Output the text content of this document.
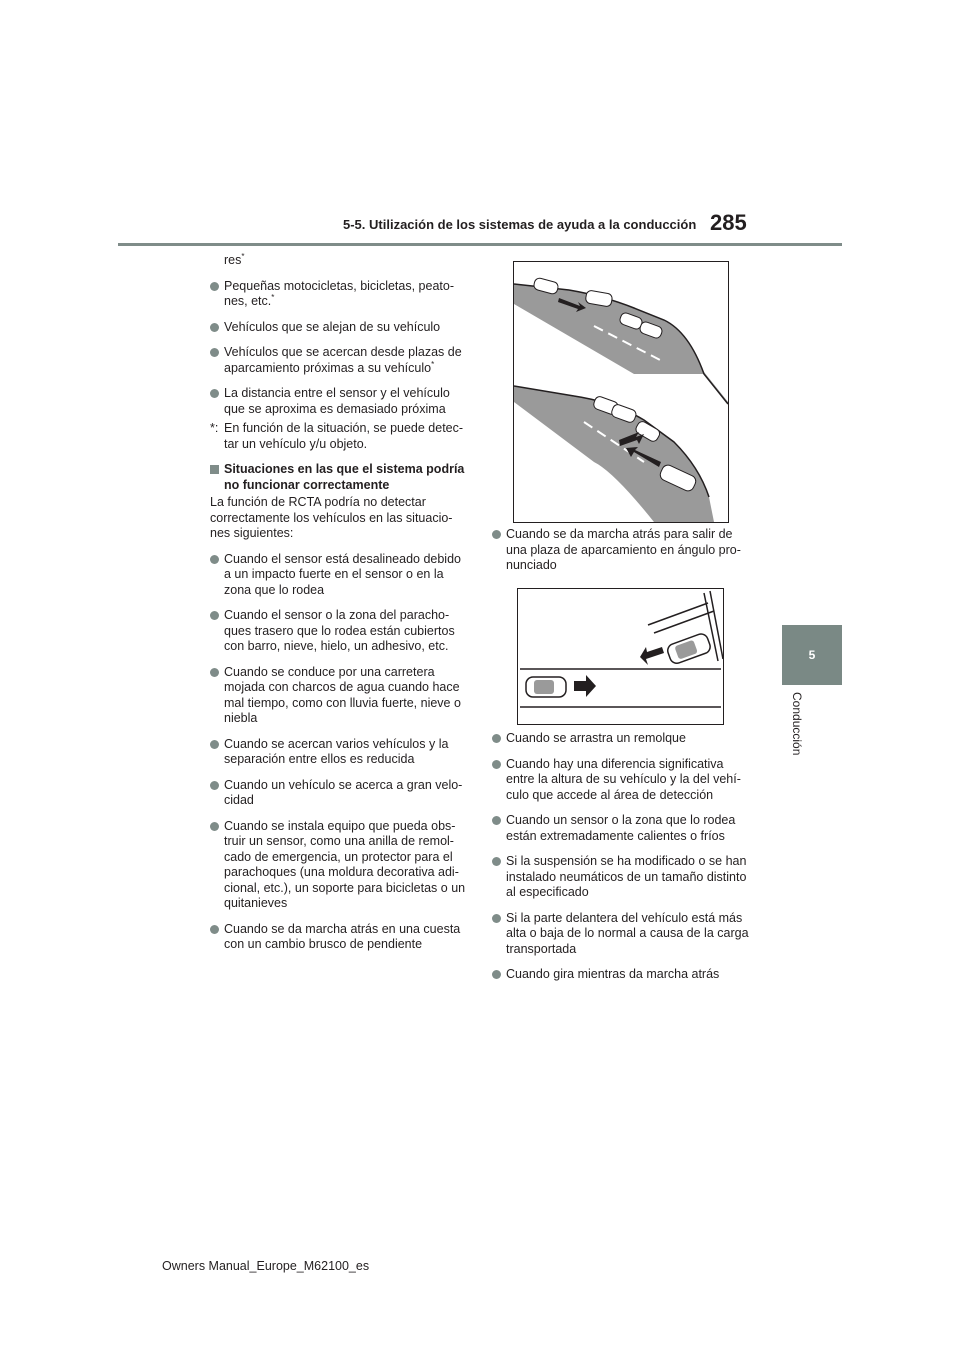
5-5. Utilización de los sistemas de ayuda a la conducción 285
5
Conducción
res*
Pequeñas motocicletas, bicicletas, peato-
nes, etc.*
Vehículos que se alejan de su vehículo
Vehículos que se acercan desde plazas de
aparcamiento próximas a su vehículo*
La distancia entre el sensor y el vehículo que se aproxima es demasiado próxima
*: En función de la situación, se puede detec-
tar un vehículo y/u objeto.
Situaciones en las que el sistema podría no funcionar correctamente
La función de RCTA podría no detectar correctamente los vehículos en las situacio-nes siguientes:
Cuando el sensor está desalineado debido a un impacto fuerte en el sensor o en la zona que lo rodea
Cuando el sensor o la zona del paracho-ques trasero que lo rodea están cubiertos con barro, nieve, hielo, un adhesivo, etc.
Cuando se conduce por una carretera mojada con charcos de agua cuando hace mal tiempo, como con lluvia fuerte, nieve o niebla
Cuando se acercan varios vehículos y la separación entre ellos es reducida
Cuando un vehículo se acerca a gran velo-cidad
Cuando se instala equipo que pueda obs-truir un sensor, como una anilla de remol-cado de emergencia, un protector para el parachoques (una moldura decorativa adi-cional, etc.), un soporte para bicicletas o un quitanieves
Cuando se da marcha atrás en una cuesta con un cambio brusco de pendiente
Cuando se da marcha atrás para salir de una plaza de aparcamiento en ángulo pro-nunciado
Cuando se arrastra un remolque
Cuando hay una diferencia significativa entre la altura de su vehículo y la del vehí-culo que accede al área de detección
Cuando un sensor o la zona que lo rodea están extremadamente calientes o fríos
Si la suspensión se ha modificado o se han instalado neumáticos de un tamaño distinto al especificado
Si la parte delantera del vehículo está más alta o baja de lo normal a causa de la carga transportada
Cuando gira mientras da marcha atrás
Owners Manual_Europe_M62100_es
